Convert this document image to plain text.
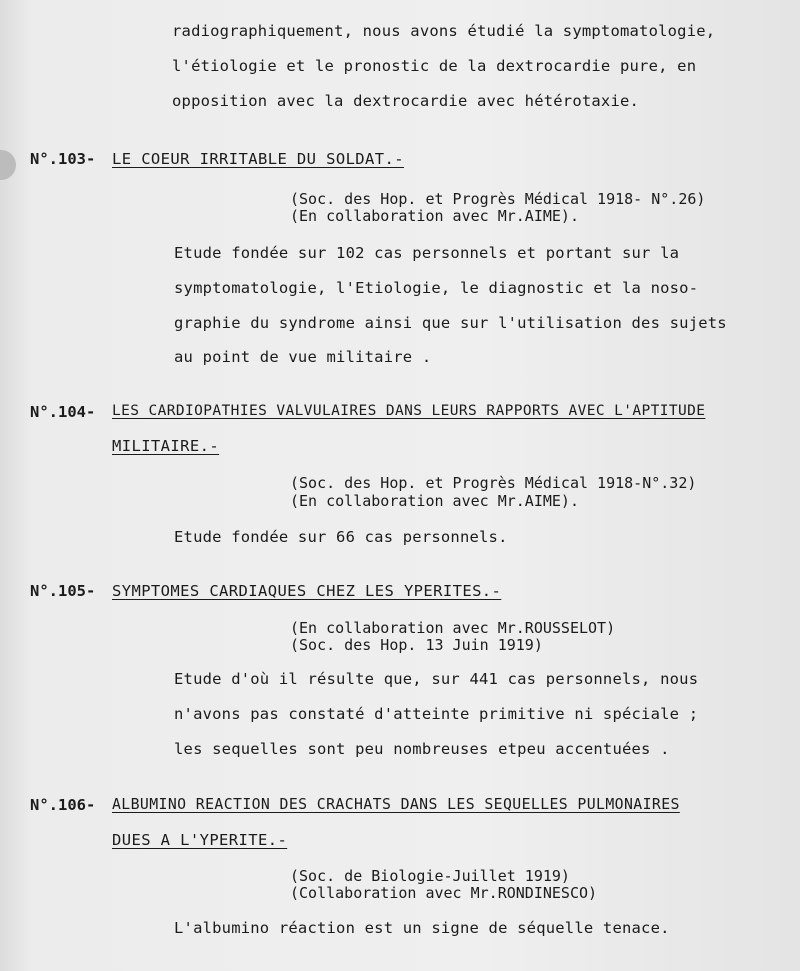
radiographiquement, nous avons étudié la symptomatologie,
l'étiologie et le pronostic de la dextrocardie pure, en
opposition avec la dextrocardie avec hétérotaxie.
N°.103- LE COEUR IRRITABLE DU SOLDAT.-
(Soc. des Hop. et Progrès Médical 1918- N°.26)
(En collaboration avec Mr.AIME).
Etude fondée sur 102 cas personnels et portant sur la
symptomatologie, l'Etiologie, le diagnostic et la noso-
graphie du syndrome ainsi que sur l'utilisation des sujets
au point de vue militaire .
N°.104- LES CARDIOPATHIES VALVULAIRES DANS LEURS RAPPORTS AVEC L'APTITUDE
MILITAIRE.-
(Soc. des Hop. et Progrès Médical 1918-N°.32)
(En collaboration avec Mr.AIME).
Etude fondée sur 66 cas personnels.
N°.105- SYMPTOMES CARDIAQUES CHEZ LES YPERITES.-
(En collaboration avec Mr.ROUSSELOT)
(Soc. des Hop. 13 Juin 1919)
Etude d'où il résulte que, sur 441 cas personnels, nous
n'avons pas constaté d'atteinte primitive ni spéciale ;
les sequelles sont peu nombreuses etpeu accentuées .
N°.106- ALBUMINO REACTION DES CRACHATS DANS LES SEQUELLES PULMONAIRES
DUES A L'YPERITE.-
(Soc. de Biologie-Juillet 1919)
(Collaboration avec Mr.RONDINESCO)
L'albumino réaction est un signe de séquelle tenace.
